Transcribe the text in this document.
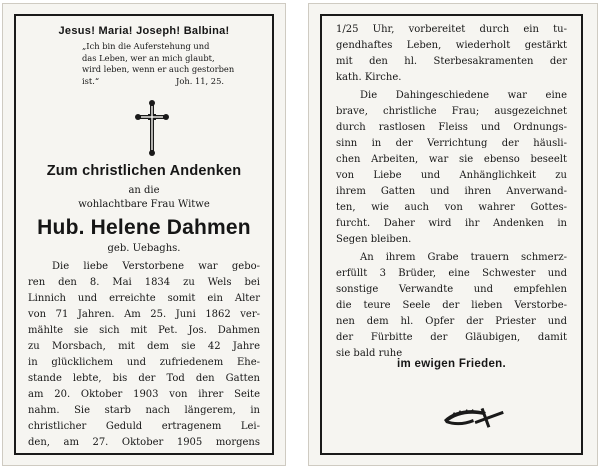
Jesus! Maria! Joseph! Balbina!
„Ich bin die Auferstehung und
das Leben, wer an mich glaubt,
wird leben, wenn er auch gestorben
ist.“	Joh. 11, 25.
Zum christlichen Andenken
an die
wohlachtbare Frau Witwe
Hub. Helene Dahmen
geb. Uebaghs.
Die liebe Verstorbene war gebo-
ren den 8. Mai 1834 zu Wels bei
Linnich und erreichte somit ein Alter
von 71 Jahren. Am 25. Juni 1862 ver-
mählte sie sich mit Pet. Jos. Dahmen
zu Morsbach, mit dem sie 42 Jahre
in glücklichem und zufriedenem Ehe-
stande lebte, bis der Tod den Gatten
am 20. Oktober 1903 von ihrer Seite
nahm. Sie starb nach längerem, in
christlicher Geduld ertragenem Lei-
den, am 27. Oktober 1905 morgens
1/25 Uhr, vorbereitet durch ein tu-
gendhaftes Leben, wiederholt gestärkt
mit den hl. Sterbesakramenten der
kath. Kirche.
Die Dahingeschiedene war eine
brave, christliche Frau; ausgezeichnet
durch rastlosen Fleiss und Ordnungs-
sinn in der Verrichtung der häusli-
chen Arbeiten, war sie ebenso beseelt
von Liebe und Anhänglichkeit zu
ihrem Gatten und ihren Anverwand-
ten, wie auch von wahrer Gottes-
furcht. Daher wird ihr Andenken in
Segen bleiben.
An ihrem Grabe trauern schmerz-
erfüllt 3 Brüder, eine Schwester und
sonstige Verwandte und empfehlen
die teure Seele der lieben Verstorbe-
nen dem hl. Opfer der Priester und
der Fürbitte der Gläubigen, damit
sie bald ruhe
im ewigen Frieden.
